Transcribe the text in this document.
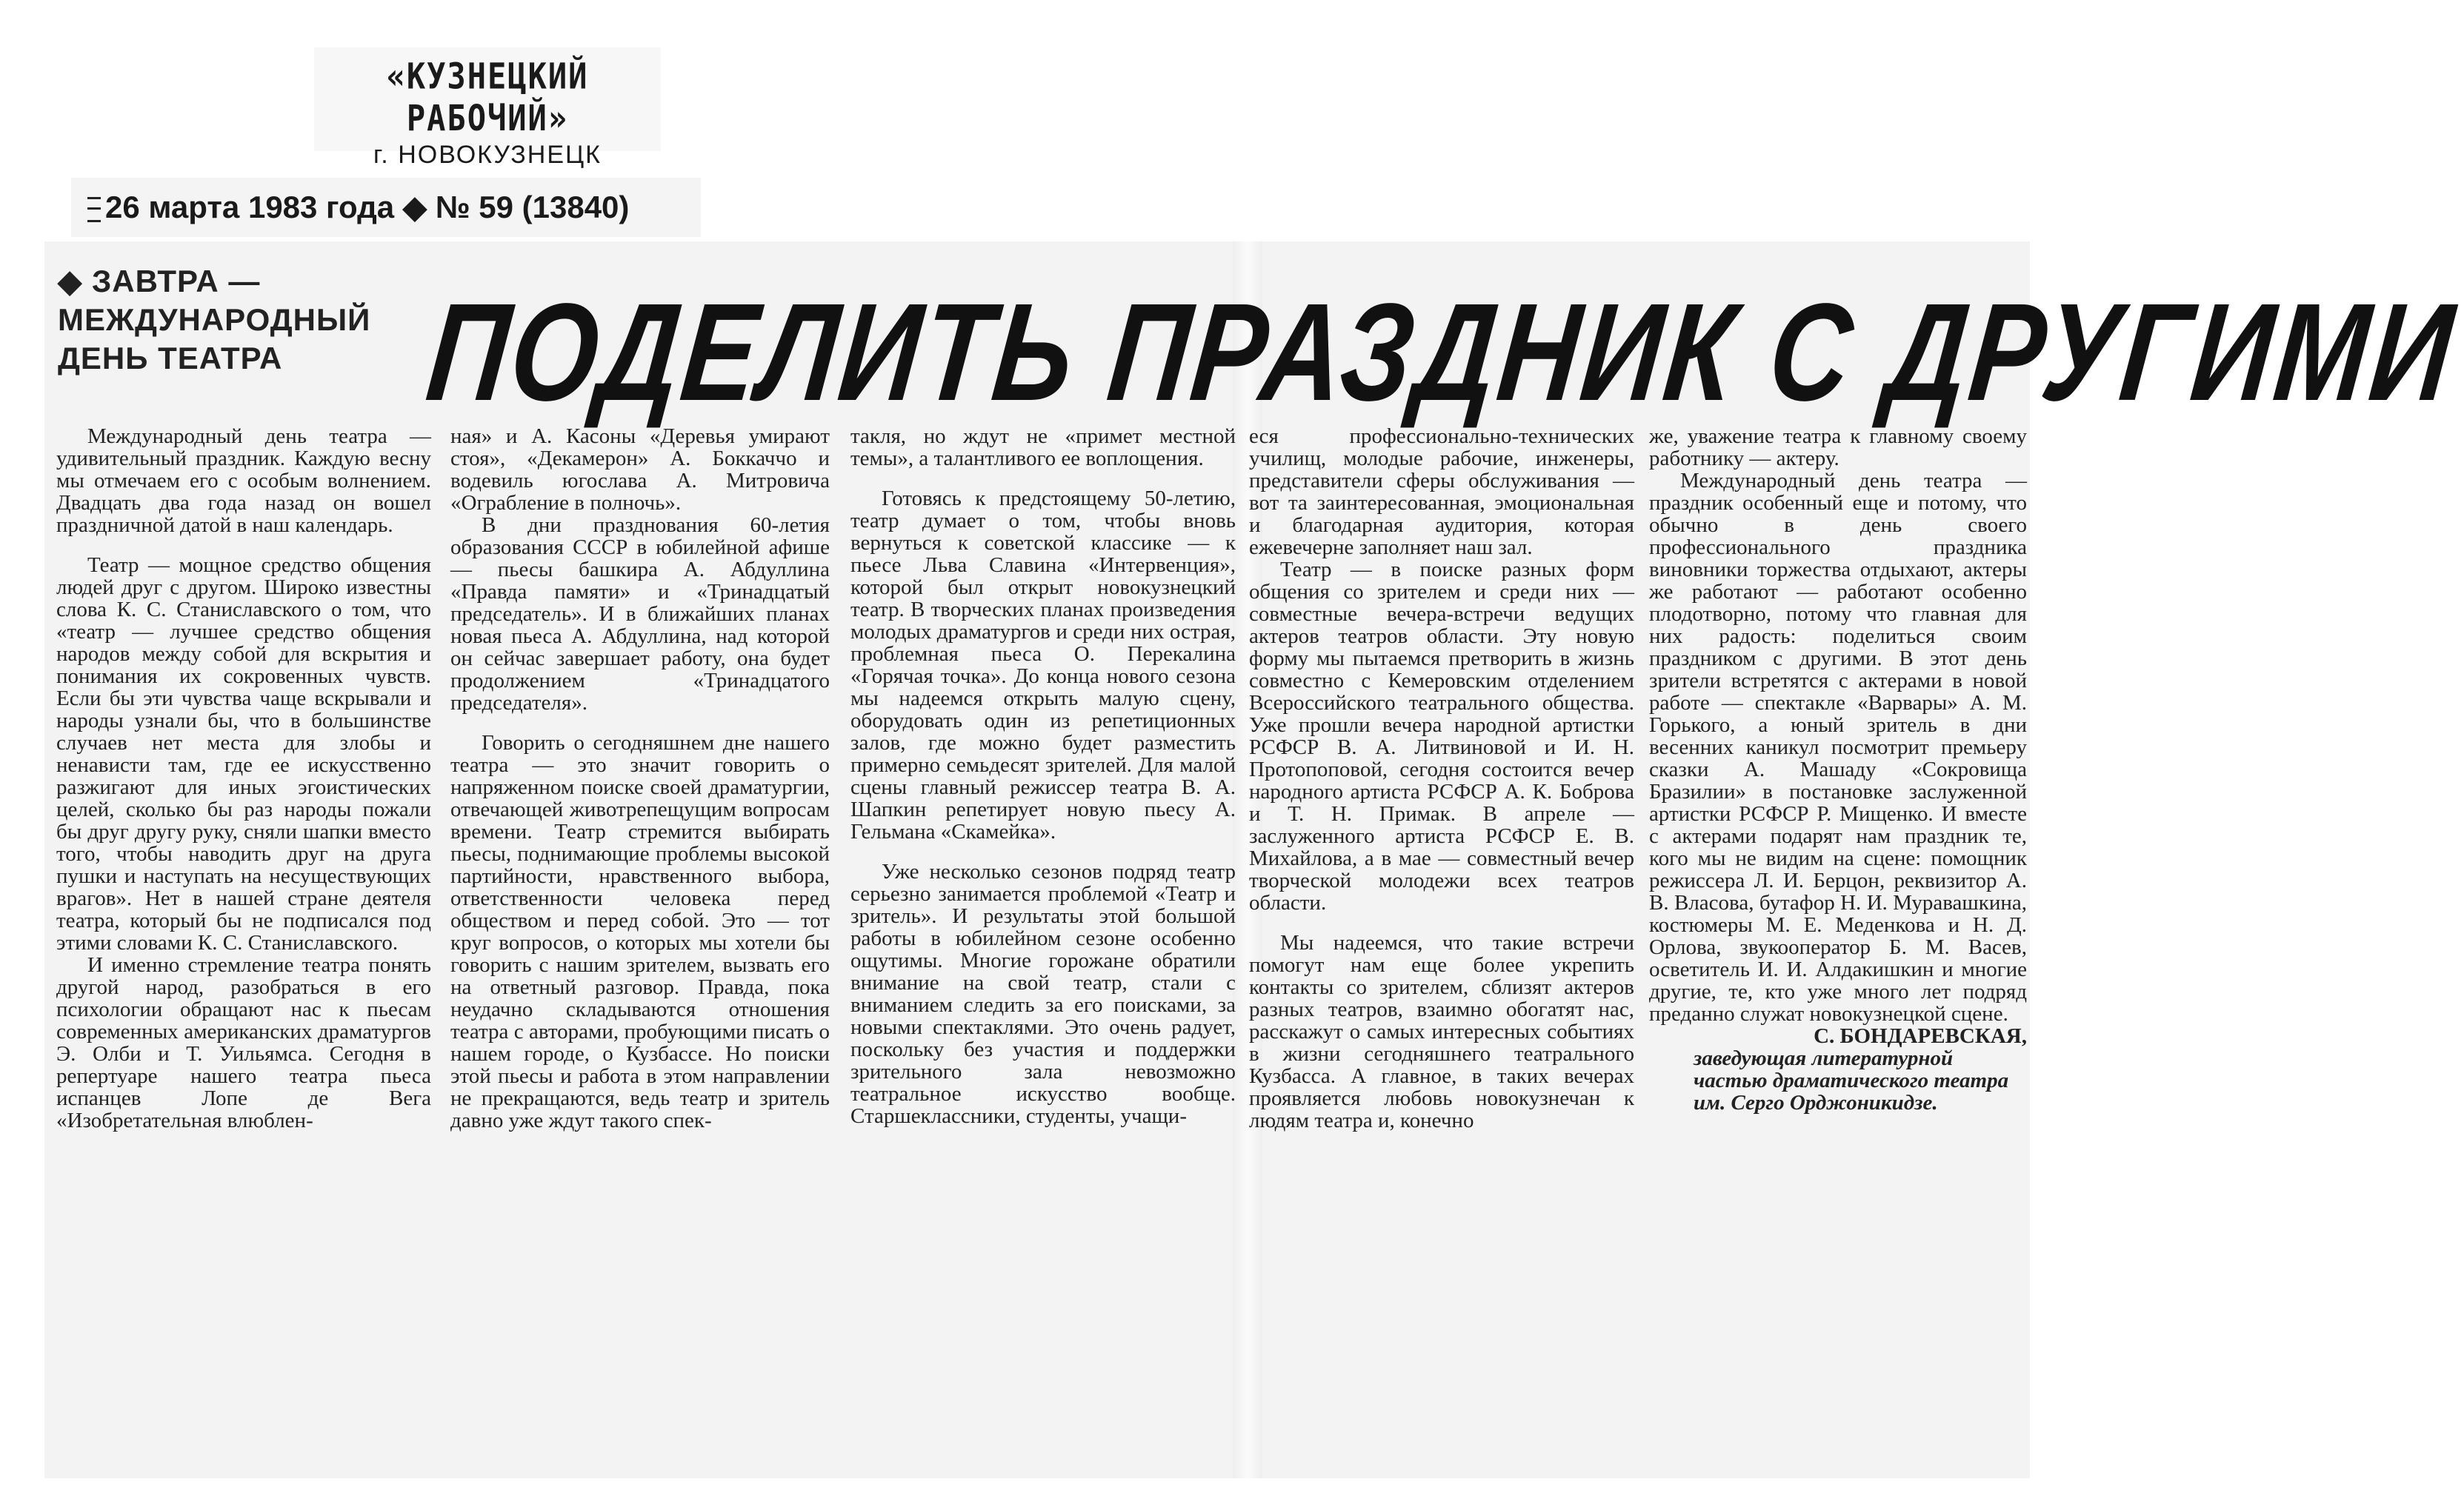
«КУЗНЕЦКИЙ РАБОЧИЙ»
г. НОВОКУЗНЕЦК
26 марта 1983 года ◆ № 59 (13840)
◆ ЗАВТРА —
МЕЖДУНАРОДНЫЙ
ДЕНЬ ТЕАТРА	ПОДЕЛИТЬ ПРАЗДНИК С ДРУГИМИ

Международный день театра — удивительный праздник. Каждую весну мы отмечаем его с особым волнением. Двадцать два года назад он вошел праздничной датой в наш календарь.

Театр — мощное средство общения людей друг с другом. Широко известны слова К. С. Станиславского о том, что «театр — лучшее средство общения народов между собой для вскрытия и понимания их сокровенных чувств. Если бы эти чувства чаще вскрывали и народы узнали бы, что в большинстве случаев нет места для злобы и ненависти там, где ее искусственно разжигают для иных эгоистических целей, сколько бы раз народы пожали бы друг другу руку, сняли шапки вместо того, чтобы наводить друг на друга пушки и наступать на несуществующих врагов». Нет в нашей стране деятеля театра, который бы не подписался под этими словами К. С. Станиславского.

И именно стремление театра понять другой народ, разобраться в его психологии обращают нас к пьесам современных американских драматургов Э. Олби и Т. Уильямса. Сегодня в репертуаре нашего театра пьеса испанцев Лопе де Вега «Изобретательная влюблен-

ная» и А. Касоны «Деревья умирают стоя», «Декамерон» А. Боккаччо и водевиль югослава А. Митровича «Ограбление в полночь».

В дни празднования 60-летия образования СССР в юбилейной афише — пьесы башкира А. Абдуллина «Правда памяти» и «Тринадцатый председатель». И в ближайших планах новая пьеса А. Абдуллина, над которой он сейчас завершает работу, она будет продолжением «Тринадцатого председателя».

Говорить о сегодняшнем дне нашего театра — это значит говорить о напряженном поиске своей драматургии, отвечающей животрепещущим вопросам времени. Театр стремится выбирать пьесы, поднимающие проблемы высокой партийности, нравственного выбора, ответственности человека перед обществом и перед собой. Это — тот круг вопросов, о которых мы хотели бы говорить с нашим зрителем, вызвать его на ответный разговор. Правда, пока неудачно складываются отношения театра с авторами, пробующими писать о нашем городе, о Кузбассе. Но поиски этой пьесы и работа в этом направлении не прекращаются, ведь театр и зритель давно уже ждут такого спек-

такля, но ждут не «примет местной темы», а талантливого ее воплощения.

Готовясь к предстоящему 50-летию, театр думает о том, чтобы вновь вернуться к советской классике — к пьесе Льва Славина «Интервенция», которой был открыт новокузнецкий театр. В творческих планах произведения молодых драматургов и среди них острая, проблемная пьеса О. Перекалина «Горячая точка». До конца нового сезона мы надеемся открыть малую сцену, оборудовать один из репетиционных залов, где можно будет разместить примерно семьдесят зрителей. Для малой сцены главный режиссер театра В. А. Шапкин репетирует новую пьесу А. Гельмана «Скамейка».

Уже несколько сезонов подряд театр серьезно занимается проблемой «Театр и зритель». И результаты этой большой работы в юбилейном сезоне особенно ощутимы. Многие горожане обратили внимание на свой театр, стали с вниманием следить за его поисками, за новыми спектаклями. Это очень радует, поскольку без участия и поддержки зрительного зала невозможно театральное искусство вообще. Старшеклассники, студенты, учащи-

еся профессионально-технических училищ, молодые рабочие, инженеры, представители сферы обслуживания — вот та заинтересованная, эмоциональная и благодарная аудитория, которая ежевечерне заполняет наш зал.

Театр — в поиске разных форм общения со зрителем и среди них — совместные вечера-встречи ведущих актеров театров области. Эту новую форму мы пытаемся претворить в жизнь совместно с Кемеровским отделением Всероссийского театрального общества. Уже прошли вечера народной артистки РСФСР В. А. Литвиновой и И. Н. Протопоповой, сегодня состоится вечер народного артиста РСФСР А. К. Боброва и Т. Н. Примак. В апреле — заслуженного артиста РСФСР Е. В. Михайлова, а в мае — совместный вечер творческой молодежи всех театров области.

Мы надеемся, что такие встречи помогут нам еще более укрепить контакты со зрителем, сблизят актеров разных театров, взаимно обогатят нас, расскажут о самых интересных событиях в жизни сегодняшнего театрального Кузбасса. А главное, в таких вечерах проявляется любовь новокузнечан к людям театра и, конечно

же, уважение театра к главному своему работнику — актеру.

Международный день театра — праздник особенный еще и потому, что обычно в день своего профессионального праздника виновники торжества отдыхают, актеры же работают — работают особенно плодотворно, потому что главная для них радость: поделиться своим праздником с другими. В этот день зрители встретятся с актерами в новой работе — спектакле «Варвары» А. М. Горького, а юный зритель в дни весенних каникул посмотрит премьеру сказки А. Машаду «Сокровища Бразилии» в постановке заслуженной артистки РСФСР Р. Мищенко. И вместе с актерами подарят нам праздник те, кого мы не видим на сцене: помощник режиссера Л. И. Берцон, реквизитор А. В. Власова, бутафор Н. И. Муравашкина, костюмеры М. Е. Меденкова и Н. Д. Орлова, звукооператор Б. М. Васев, осветитель И. И. Алдакишкин и многие другие, те, кто уже много лет подряд преданно служат новокузнецкой сцене.

С. БОНДАРЕВСКАЯ,

заведующая литературной частью драматического театра им. Серго Орджоникидзе.
